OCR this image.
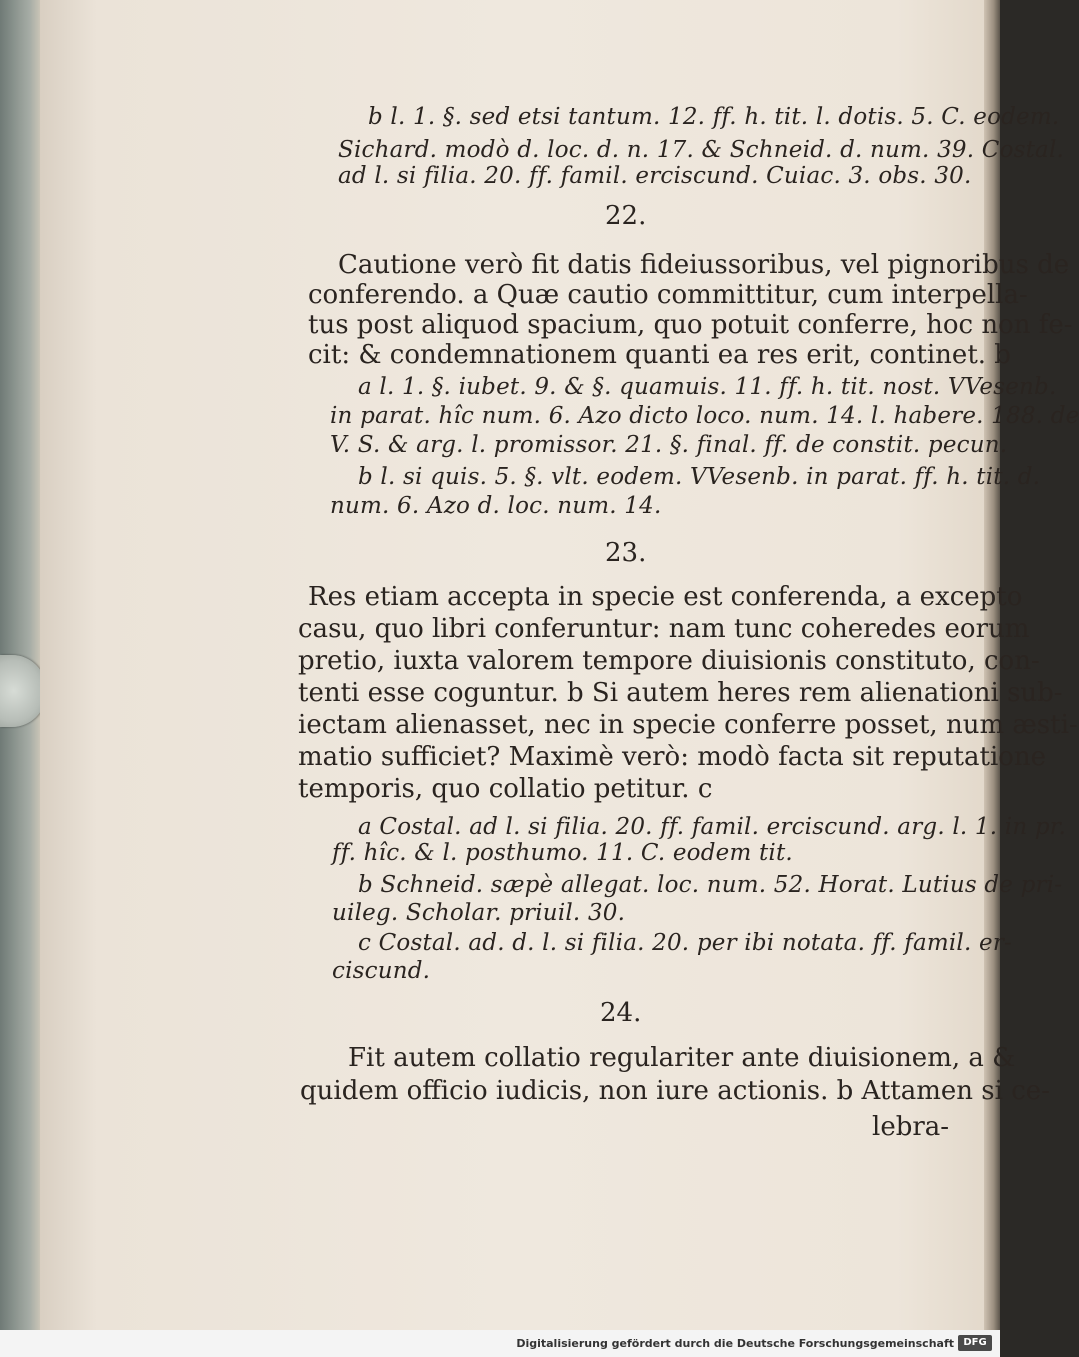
b l. 1. §. sed etsi tantum. 12. ff. h. tit. l. dotis. 5. C. eodem.
Sichard. modò d. loc. d. n. 17. & Schneid. d. num. 39. Costal.
ad l. si filia. 20. ff. famil. erciscund. Cuiac. 3. obs. 30.
22.
Cautione verò fit datis fideiussoribus, vel pignoribus de
conferendo. a Quæ cautio committitur, cum interpella-
tus post aliquod spacium, quo potuit conferre, hoc non fe-
cit: & condemnationem quanti ea res erit, continet. b
a l. 1. §. iubet. 9. & §. quamuis. 11. ff. h. tit. nost. VVesenb.
in parat. hîc num. 6. Azo dicto loco. num. 14. l. habere. 188. de
V. S. & arg. l. promissor. 21. §. final. ff. de constit. pecun.
b l. si quis. 5. §. vlt. eodem. VVesenb. in parat. ff. h. tit. d.
num. 6. Azo d. loc. num. 14.
23.
Res etiam accepta in specie est conferenda, a excepto
casu, quo libri conferuntur: nam tunc coheredes eorum
pretio, iuxta valorem tempore diuisionis constituto, con-
tenti esse coguntur. b Si autem heres rem alienationi sub-
iectam alienasset, nec in specie conferre posset, num æsti-
matio sufficiet? Maximè verò: modò facta sit reputatione
temporis, quo collatio petitur. c
a Costal. ad l. si filia. 20. ff. famil. erciscund. arg. l. 1. in pr.
ff. hîc. & l. posthumo. 11. C. eodem tit.
b Schneid. sæpè allegat. loc. num. 52. Horat. Lutius de pri-
uileg. Scholar. priuil. 30.
c Costal. ad. d. l. si filia. 20. per ibi notata. ff. famil. er-
ciscund.
24.
Fit autem collatio regulariter ante diuisionem, a &
quidem officio iudicis, non iure actionis. b Attamen si ce-
lebra-
Digitalisierung gefördert durch die Deutsche Forschungsgemeinschaft DFG
